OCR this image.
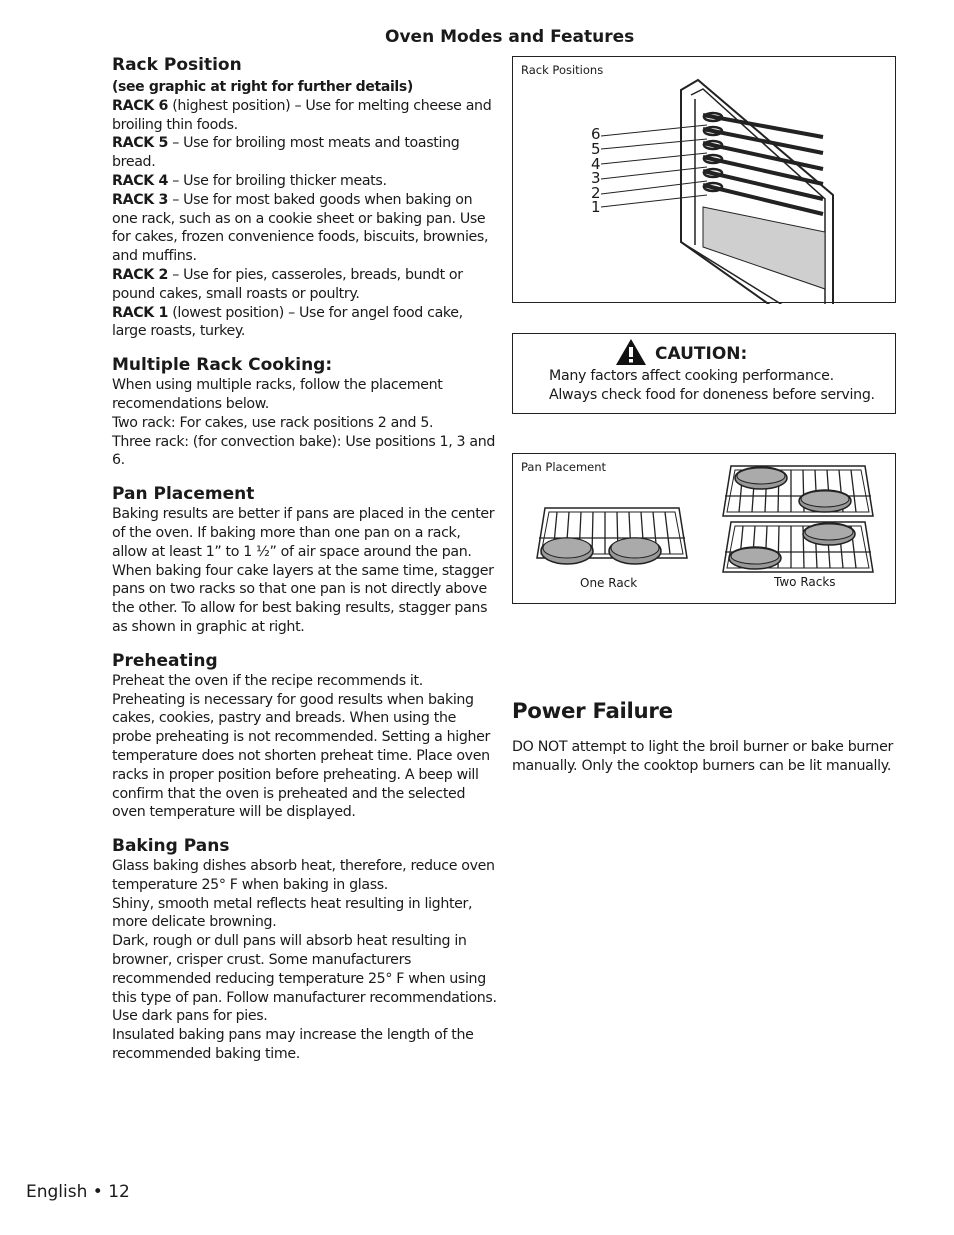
Oven Modes and Features
Rack Position

(see graphic at right for further details)

RACK 6 (highest position) – Use for melting cheese and broiling thin foods.

RACK 5 – Use for broiling most meats and toasting bread.

RACK 4 – Use for broiling thicker meats.

RACK 3 – Use for most baked goods when baking on one rack, such as on a cookie sheet or baking pan. Use for cakes, frozen convenience foods, biscuits, brownies, and muffins.

RACK 2 – Use for pies, casseroles, breads, bundt or pound cakes, small roasts or poultry.

RACK 1 (lowest position) – Use for angel food cake, large roasts, turkey.

Multiple Rack Cooking:

When using multiple racks, follow the placement recomendations below.

Two rack: For cakes, use rack positions 2 and 5.

Three rack: (for convection bake): Use positions 1, 3 and 6.

Pan Placement

Baking results are better if pans are placed in the center of the oven. If baking more than one pan on a rack, allow at least 1” to 1 ½” of air space around the pan. When baking four cake layers at the same time, stagger pans on two racks so that one pan is not directly above the other. To allow for best baking results, stagger pans as shown in graphic at right.

Preheating

Preheat the oven if the recipe recommends it. Preheating is necessary for good results when baking cakes, cookies, pastry and breads. When using the probe preheating is not recommended. Setting a higher temperature does not shorten preheat time. Place oven racks in proper position before preheating. A beep will confirm that the oven is preheated and the selected oven temperature will be displayed.

Baking Pans

Glass baking dishes absorb heat, therefore, reduce oven temperature 25° F when baking in glass.

Shiny, smooth metal reflects heat resulting in lighter, more delicate browning.

Dark, rough or dull pans will absorb heat resulting in browner, crisper crust. Some manufacturers recommended reducing temperature 25° F when using this type of pan. Follow manufacturer recommendations. Use dark pans for pies.

Insulated baking pans may increase the length of the recommended baking time.

Rack Positions
6
5
4
3
2
1
CAUTION:
Many factors affect cooking performance.
Always check food for doneness before serving.
Pan Placement
One Rack	Two Racks
Power Failure

DO NOT attempt to light the broil burner or bake burner manually. Only the cooktop burners can be lit manually.

English • 12
